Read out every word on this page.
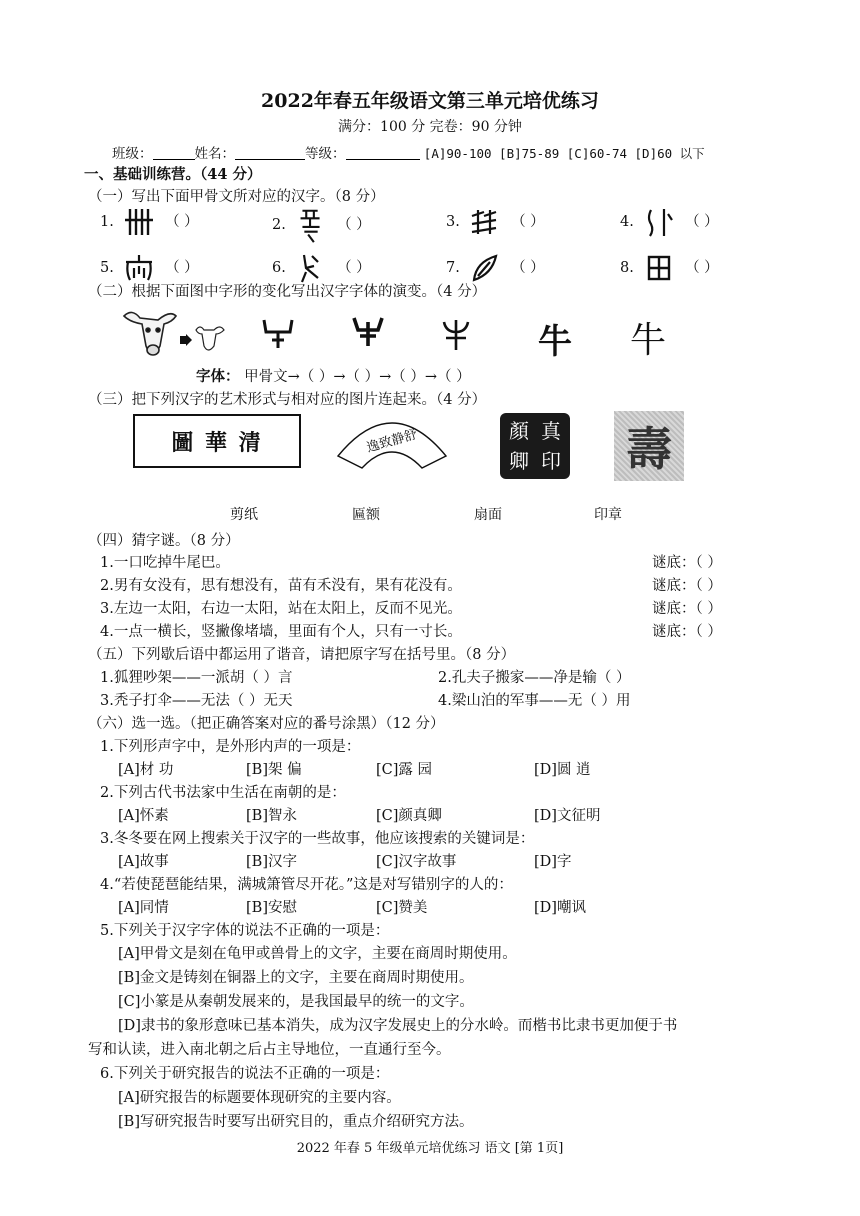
2022年春五年级语文第三单元培优练习
满分：100 分 完卷：90 分钟
班级：	姓名：	等级：	[A]90-100 [B]75-89 [C]60-74 [D]60 以下
一、基础训练营。（44 分）
（一）写出下面甲骨文所对应的汉字。（8 分）
1.	（ ）	2.	（ ）	3.	（ ）	4.	（ ）
5.	（ ）	6.	（ ）	7.	（ ）	8.	（ ）
（二）根据下面图中字形的变化写出汉字字体的演变。（4 分）
牛 牛
字体： 甲骨文→（ ）→（ ）→（ ）→（ ）
（三）把下列汉字的艺术形式与相对应的图片连起来。（4 分）
圖 華 清	逸致静舒	顏 真
卿 印 壽
剪纸	匾额	扇面	印章
（四）猜字谜。（8 分）
1.一口吃掉牛尾巴。	谜底：（ ）
2.男有女没有，思有想没有，苗有禾没有，果有花没有。	谜底：（ ）
3.左边一太阳，右边一太阳，站在太阳上，反而不见光。	谜底：（ ）
4.一点一横长，竖撇像堵墙，里面有个人，只有一寸长。	谜底：（ ）
（五）下列歇后语中都运用了谐音，请把原字写在括号里。（8 分）
1.狐狸吵架——一派胡（ ）言	2.孔夫子搬家——净是输（ ）
3.秃子打伞——无法（ ）无天	4.梁山泊的军事——无（ ）用
（六）选一选。（把正确答案对应的番号涂黑）（12 分）
1.下列形声字中，是外形内声的一项是：
[A]材 功	[B]架 偏	[C]露 园	[D]圆 逍
2.下列古代书法家中生活在南朝的是：
[A]怀素	[B]智永	[C]颜真卿	[D]文征明
3.冬冬要在网上搜索关于汉字的一些故事，他应该搜索的关键词是：
[A]故事	[B]汉字	[C]汉字故事	[D]字
4.“若使琵琶能结果，满城箫管尽开花。”这是对写错别字的人的：
[A]同情	[B]安慰	[C]赞美	[D]嘲讽
5.下列关于汉字字体的说法不正确的一项是：
[A]甲骨文是刻在龟甲或兽骨上的文字，主要在商周时期使用。
[B]金文是铸刻在铜器上的文字，主要在商周时期使用。
[C]小篆是从秦朝发展来的，是我国最早的统一的文字。
[D]隶书的象形意味已基本消失，成为汉字发展史上的分水岭。而楷书比隶书更加便于书
写和认读，进入南北朝之后占主导地位，一直通行至今。
6.下列关于研究报告的说法不正确的一项是：
[A]研究报告的标题要体现研究的主要内容。
[B]写研究报告时要写出研究目的，重点介绍研究方法。
2022 年春 5 年级单元培优练习 语文 [第 1页]
